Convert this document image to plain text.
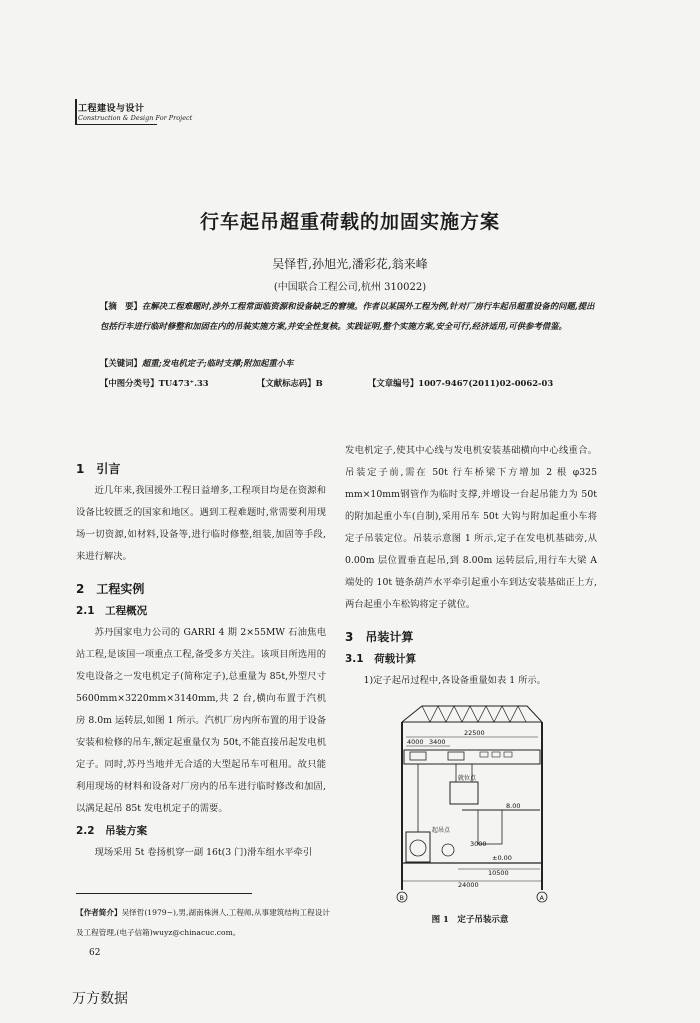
工程建设与设计
Construction & Design For Project
行车起吊超重荷载的加固实施方案
吴怿哲,孙旭光,潘彩花,翁来峰
(中国联合工程公司,杭州 310022)
【摘　要】在解决工程难题时,涉外工程常面临资源和设备缺乏的窘境。作者以某国外工程为例,针对厂房行车起吊超重设备的问题,提出包括行车进行临时修整和加固在内的吊装实施方案,并安全性复核。实践证明,整个实施方案,安全可行,经济适用,可供参考借鉴。
【关键词】超重;发电机定子;临时支撑;附加起重小车
【中图分类号】TU473⁺.33	【文献标志码】B	【文章编号】1007-9467(2011)02-0062-03
1　引言
近几年来,我国援外工程日益增多,工程项目均是在资源和设备比较匮乏的国家和地区。遇到工程难题时,常需要利用现场一切资源,如材料,设备等,进行临时修整,组装,加固等手段,来进行解决。
2　工程实例
2.1　工程概况
苏丹国家电力公司的 GARRI 4 期 2×55MW 石油焦电站工程,是该国一项重点工程,备受多方关注。该项目所选用的发电设备之一发电机定子(简称定子),总重量为 85t,外型尺寸 5600mm×3220mm×3140mm,共 2 台,横向布置于汽机房 8.0m 运转层,如图 1 所示。汽机厂房内所布置的用于设备安装和检修的吊车,额定起重量仅为 50t,不能直接吊起发电机定子。同时,苏丹当地并无合适的大型起吊车可租用。故只能利用现场的材料和设备对厂房内的吊车进行临时修改和加固,以满足起吊 85t 发电机定子的需要。
2.2　吊装方案
现场采用 5t 卷扬机穿一副 16t(3 门)滑车组水平牵引
发电机定子,使其中心线与发电机安装基础横向中心线重合。吊装定子前,需在 50t 行车桥梁下方增加 2 根 φ325 mm×10mm钢管作为临时支撑,并增设一台起吊能力为 50t 的附加起重小车(自制),采用吊车 50t 大钩与附加起重小车将定子吊装定位。吊装示意图 1 所示,定子在发电机基础旁,从 0.00m 层位置垂直起吊,到 8.00m 运转层后,用行车大梁 A 端处的 10t 链条葫芦水平牵引起重小车到达安装基础正上方,两台起重小车松钩将定子就位。
3　吊装计算
3.1　荷载计算
1)定子起吊过程中,各设备重量如表 1 所示。
22500
4000 3400
就位点
8.00
起吊点
3000
±0.00
10500
24000
B	A
图 1　定子吊装示意
【作者简介】吴怿哲(1979~),男,湖南株洲人,工程师,从事建筑结构工程设计及工程管理,(电子信箱)wuyz@chinacuc.com。
62
万方数据
